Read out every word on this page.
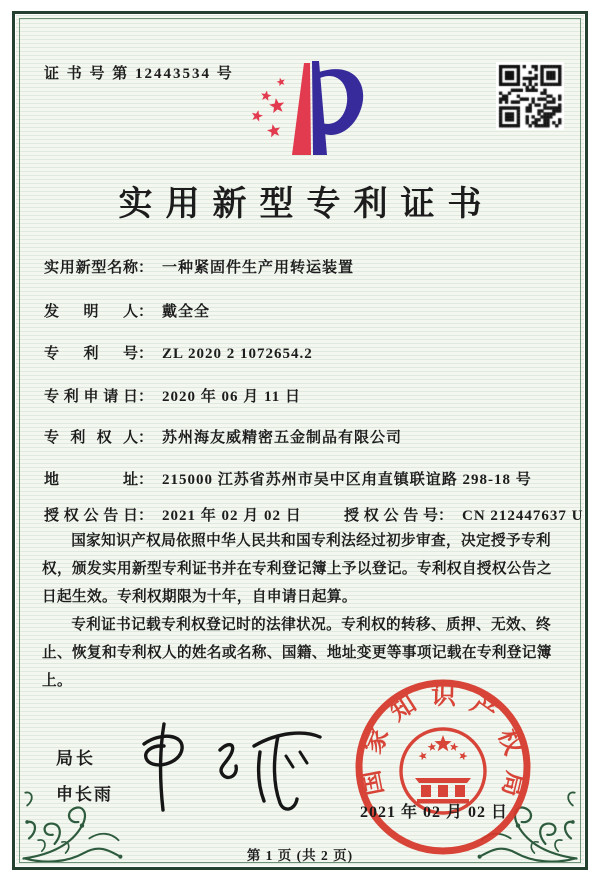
证 书 号 第 12443534 号
实用新型专利证书
实用新型名称： 一种紧固件生产用转运装置
发明人： 戴全全
专利号： ZL 2020 2 1072654.2
专利申请日： 2020 年 06 月 11 日
专利权人： 苏州海友威精密五金制品有限公司
地址： 215000 江苏省苏州市吴中区甪直镇联谊路 298-18 号
授权公告日： 2021 年 02 月 02 日	授权公告号： CN 212447637 U

国家知识产权局依照中华人民共和国专利法经过初步审查，决定授予专利权，颁发实用新型专利证书并在专利登记簿上予以登记。专利权自授权公告之日起生效。专利权期限为十年，自申请日起算。

专利证书记载专利权登记时的法律状况。专利权的转移、质押、无效、终止、恢复和专利权人的姓名或名称、国籍、地址变更等事项记载在专利登记簿上。

局长
申长雨	国家知识产权局
2021 年 02 月 02 日
第 1 页 (共 2 页)
